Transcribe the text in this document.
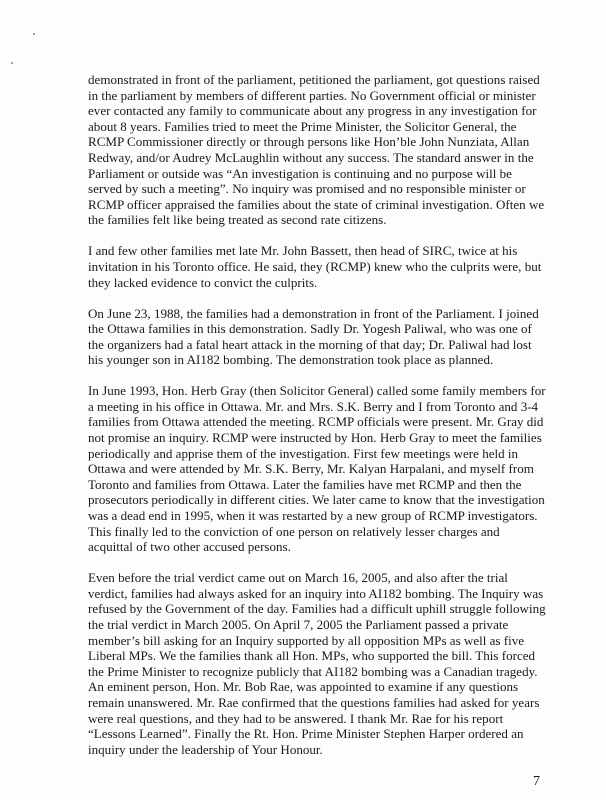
demonstrated in front of the parliament, petitioned the parliament, got questions raised in the parliament by members of different parties. No Government official or minister ever contacted any family to communicate about any progress in any investigation for about 8 years. Families tried to meet the Prime Minister, the Solicitor General, the RCMP Commissioner directly or through persons like Hon’ble John Nunziata, Allan Redway, and/or Audrey McLaughlin without any success. The standard answer in the Parliament or outside was “An investigation is continuing and no purpose will be served by such a meeting”. No inquiry was promised and no responsible minister or RCMP officer appraised the families about the state of criminal investigation. Often we the families felt like being treated as second rate citizens.

I and few other families met late Mr. John Bassett, then head of SIRC, twice at his invitation in his Toronto office. He said, they (RCMP) knew who the culprits were, but they lacked evidence to convict the culprits.

On June 23, 1988, the families had a demonstration in front of the Parliament. I joined the Ottawa families in this demonstration. Sadly Dr. Yogesh Paliwal, who was one of the organizers had a fatal heart attack in the morning of that day; Dr. Paliwal had lost his younger son in AI182 bombing. The demonstration took place as planned.

In June 1993, Hon. Herb Gray (then Solicitor General) called some family members for a meeting in his office in Ottawa. Mr. and Mrs. S.K. Berry and I from Toronto and 3-4 families from Ottawa attended the meeting. RCMP officials were present. Mr. Gray did not promise an inquiry. RCMP were instructed by Hon. Herb Gray to meet the families periodically and apprise them of the investigation. First few meetings were held in Ottawa and were attended by Mr. S.K. Berry, Mr. Kalyan Harpalani, and myself from Toronto and families from Ottawa. Later the families have met RCMP and then the prosecutors periodically in different cities. We later came to know that the investigation was a dead end in 1995, when it was restarted by a new group of RCMP investigators. This finally led to the conviction of one person on relatively lesser charges and acquittal of two other accused persons.

Even before the trial verdict came out on March 16, 2005, and also after the trial verdict, families had always asked for an inquiry into AI182 bombing. The Inquiry was refused by the Government of the day. Families had a difficult uphill struggle following the trial verdict in March 2005. On April 7, 2005 the Parliament passed a private member’s bill asking for an Inquiry supported by all opposition MPs as well as five Liberal MPs. We the families thank all Hon. MPs, who supported the bill. This forced the Prime Minister to recognize publicly that AI182 bombing was a Canadian tragedy. An eminent person, Hon. Mr. Bob Rae, was appointed to examine if any questions remain unanswered. Mr. Rae confirmed that the questions families had asked for years were real questions, and they had to be answered. I thank Mr. Rae for his report “Lessons Learned”. Finally the Rt. Hon. Prime Minister Stephen Harper ordered an inquiry under the leadership of Your Honour.

7
